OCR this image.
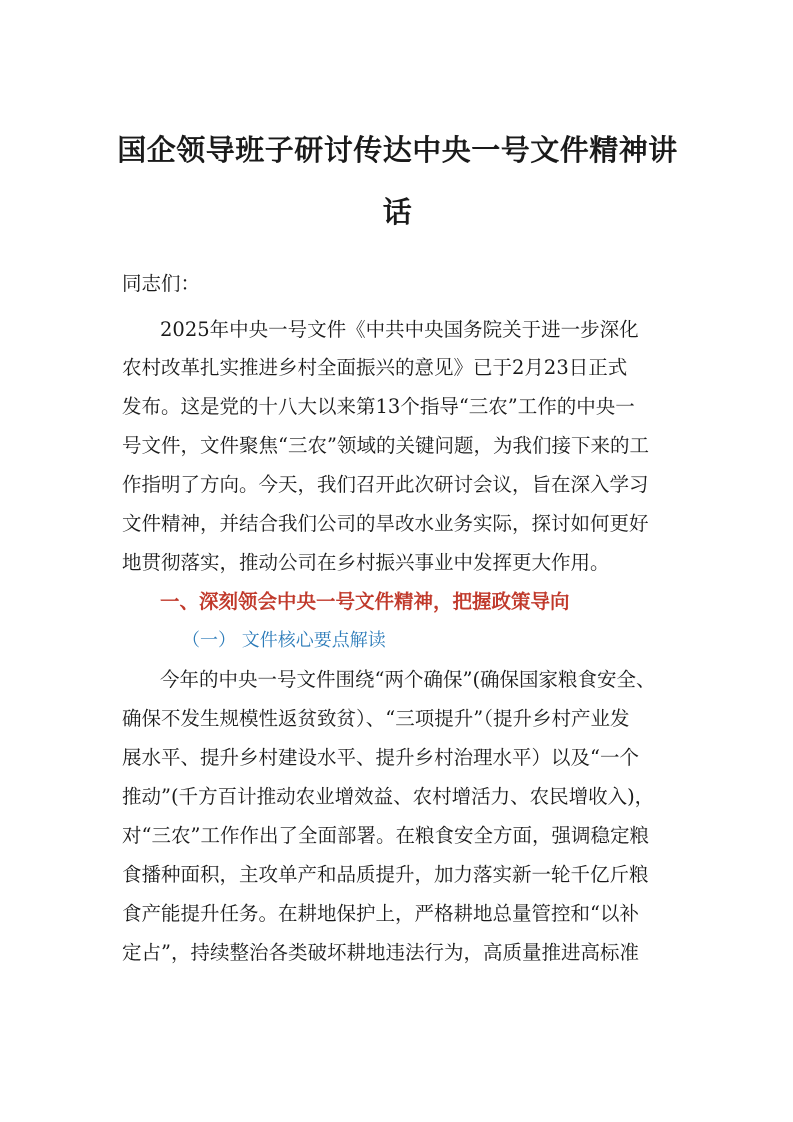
国企领导班子研讨传达中央一号文件精神讲
话

同志们：

2025年中央一号文件《中共中央国务院关于进一步深化

农村改革扎实推进乡村全面振兴的意见》已于2月23日正式

发布。这是党的十八大以来第13个指导“三农”工作的中央一

号文件，文件聚焦“三农”领域的关键问题，为我们接下来的工

作指明了方向。今天，我们召开此次研讨会议，旨在深入学习

文件精神，并结合我们公司的旱改水业务实际，探讨如何更好

地贯彻落实，推动公司在乡村振兴事业中发挥更大作用。

一、深刻领会中央一号文件精神，把握政策导向

（一） 文件核心要点解读

今年的中央一号文件围绕“两个确保”(确保国家粮食安全、

确保不发生规模性返贫致贫）、“三项提升”（提升乡村产业发

展水平、提升乡村建设水平、提升乡村治理水平）以及“一个

推动”(千方百计推动农业增效益、农村增活力、农民增收入)，

对“三农”工作作出了全面部署。在粮食安全方面，强调稳定粮

食播种面积，主攻单产和品质提升，加力落实新一轮千亿斤粮

食产能提升任务。在耕地保护上，严格耕地总量管控和“以补

定占”，持续整治各类破坏耕地违法行为，高质量推进高标准
